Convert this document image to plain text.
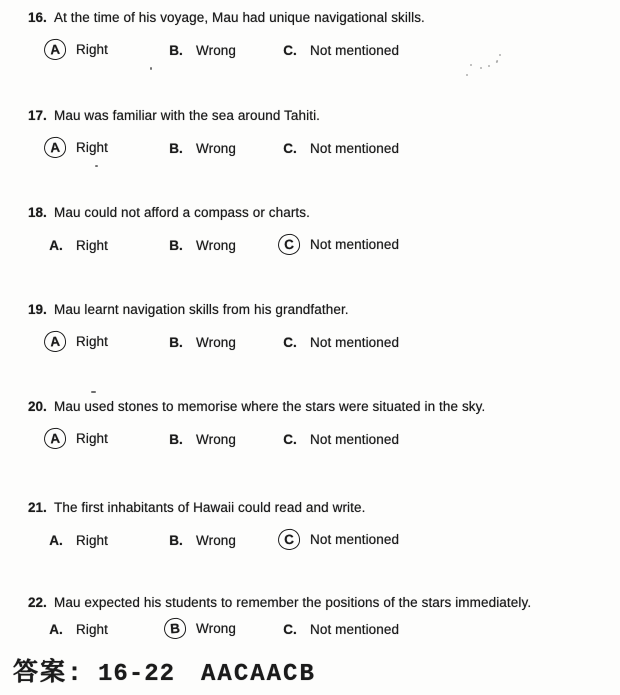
16. At the time of his voyage, Mau had unique navigational skills.
A	Right	B. Wrong	C. Not mentioned
17. Mau was familiar with the sea around Tahiti.
A	Right	B. Wrong	C. Not mentioned
18. Mau could not afford a compass or charts.
A. Right	B. Wrong	C	Not mentioned
19. Mau learnt navigation skills from his grandfather.
A	Right	B. Wrong	C. Not mentioned
20. Mau used stones to memorise where the stars were situated in the sky.
A	Right	B. Wrong	C. Not mentioned
21. The first inhabitants of Hawaii could read and write.
A. Right	B. Wrong	C	Not mentioned
22. Mau expected his students to remember the positions of the stars immediately.
A. Right	B	Wrong	C. Not mentioned
答案: 16-22 AACAACB
